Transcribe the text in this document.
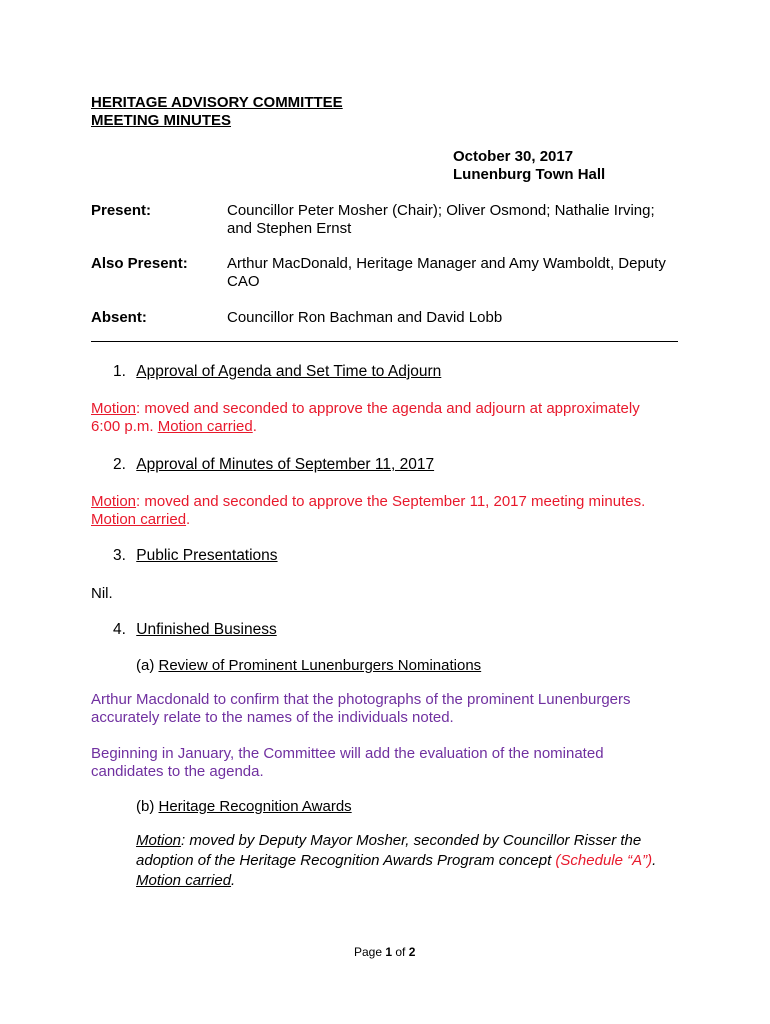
HERITAGE ADVISORY COMMITTEE
MEETING MINUTES
October 30, 2017
Lunenburg Town Hall
Present:	Councillor Peter Mosher (Chair); Oliver Osmond; Nathalie Irving;
and Stephen Ernst
Also Present:	Arthur MacDonald, Heritage Manager and Amy Wamboldt, Deputy
CAO
Absent:	Councillor Ron Bachman and David Lobb
1. Approval of Agenda and Set Time to Adjourn
Motion: moved and seconded to approve the agenda and adjourn at approximately
6:00 p.m. Motion carried.
2. Approval of Minutes of September 11, 2017
Motion: moved and seconded to approve the September 11, 2017 meeting minutes.
Motion carried.
3. Public Presentations
Nil.
4. Unfinished Business
(a) Review of Prominent Lunenburgers Nominations
Arthur Macdonald to confirm that the photographs of the prominent Lunenburgers
accurately relate to the names of the individuals noted.
Beginning in January, the Committee will add the evaluation of the nominated
candidates to the agenda.
(b) Heritage Recognition Awards
Motion: moved by Deputy Mayor Mosher, seconded by Councillor Risser the
adoption of the Heritage Recognition Awards Program concept (Schedule “A”).
Motion carried.
Page 1 of 2
